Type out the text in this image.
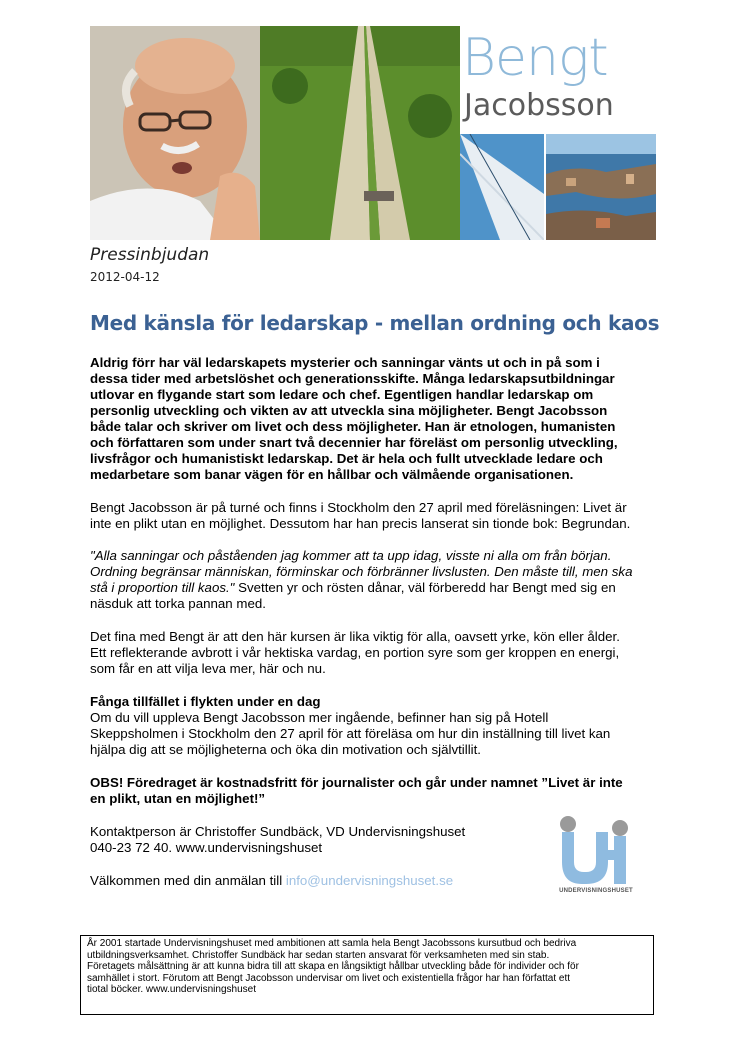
Bengt
Jacobsson
Pressinbjudan
2012-04-12
Med känsla för ledarskap - mellan ordning och kaos
Aldrig förr har väl ledarskapets mysterier och sanningar vänts ut och in på som i
dessa tider med arbetslöshet och generationsskifte. Många ledarskapsutbildningar
utlovar en flygande start som ledare och chef. Egentligen handlar ledarskap om
personlig utveckling och vikten av att utveckla sina möjligheter. Bengt Jacobsson
både talar och skriver om livet och dess möjligheter. Han är etnologen, humanisten
och författaren som under snart två decennier har föreläst om personlig utveckling,
livsfrågor och humanistiskt ledarskap. Det är hela och fullt utvecklade ledare och
medarbetare som banar vägen för en hållbar och välmående organisationen.
Bengt Jacobsson är på turné och finns i Stockholm den 27 april med föreläsningen: Livet är
inte en plikt utan en möjlighet. Dessutom har han precis lanserat sin tionde bok: Begrundan.
"Alla sanningar och påståenden jag kommer att ta upp idag, visste ni alla om från början.
Ordning begränsar människan, förminskar och förbränner livslusten. Den måste till, men ska
stå i proportion till kaos." Svetten yr och rösten dånar, väl förberedd har Bengt med sig en
näsduk att torka pannan med.
Det fina med Bengt är att den här kursen är lika viktig för alla, oavsett yrke, kön eller ålder.
Ett reflekterande avbrott i vår hektiska vardag, en portion syre som ger kroppen en energi,
som får en att vilja leva mer, här och nu.
Fånga tillfället i flykten under en dag
Om du vill uppleva Bengt Jacobsson mer ingående, befinner han sig på Hotell
Skeppsholmen i Stockholm den 27 april för att föreläsa om hur din inställning till livet kan
hjälpa dig att se möjligheterna och öka din motivation och självtillit.
OBS! Föredraget är kostnadsfritt för journalister och går under namnet ”Livet är inte
en plikt, utan en möjlighet!”
Kontaktperson är Christoffer Sundbäck, VD Undervisningshuset
040-23 72 40. www.undervisningshuset
Välkommen med din anmälan till info@undervisningshuset.se
UNDERVISNINGSHUSET
År 2001 startade Undervisningshuset med ambitionen att samla hela Bengt Jacobssons kursutbud och bedriva
utbildningsverksamhet. Christoffer Sundbäck har sedan starten ansvarat för verksamheten med sin stab.
Företagets målsättning är att kunna bidra till att skapa en långsiktigt hållbar utveckling både för individer och för
samhället i stort. Förutom att Bengt Jacobsson undervisar om livet och existentiella frågor har han författat ett
tiotal böcker. www.undervisningshuset
